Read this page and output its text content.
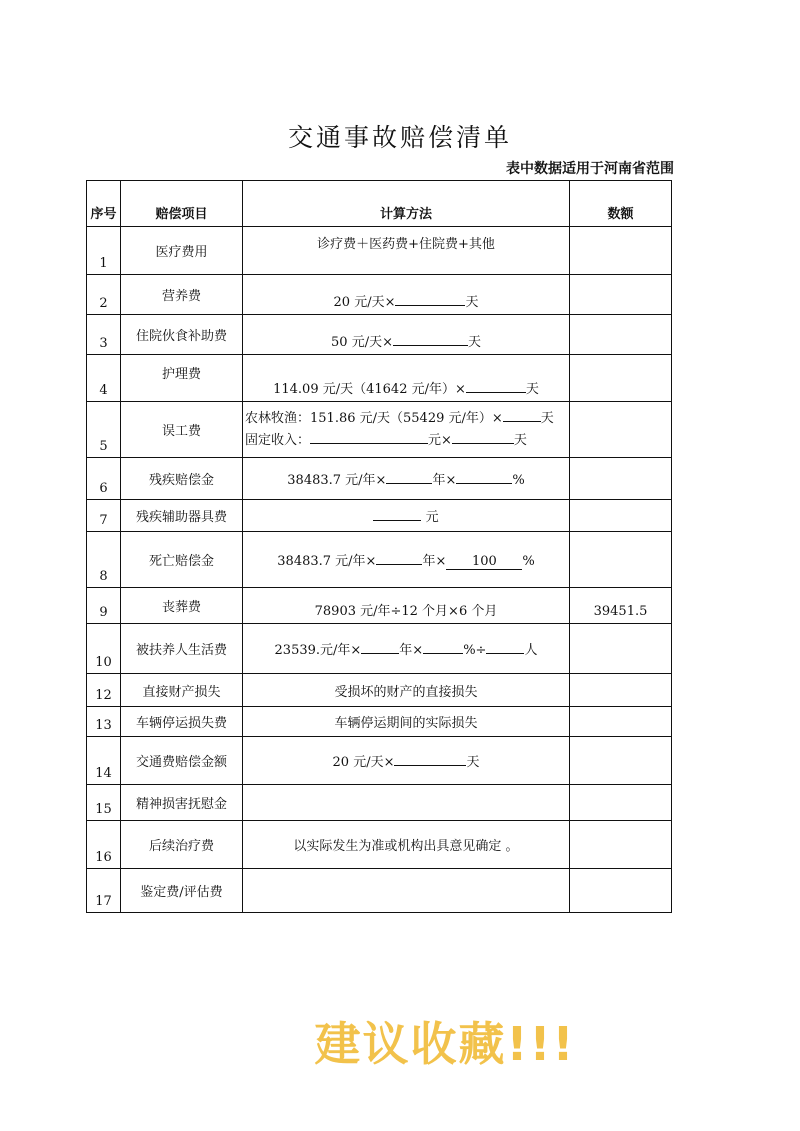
交通事故赔偿清单
表中数据适用于河南省范围
序号	赔偿项目	计算方法	数额
1	医疗费用	诊疗费＋医药费+住院费+其他	
2	营养费	20 元/天× 天	
3	住院伙食补助费	50 元/天× 天	
4	护理费	114.09 元/天（41642 元/年）× 天	
5	误工费	农林牧渔：151.86 元/天（55429 元/年）× 天
固定收入： 元× 天	

6	残疾赔偿金	38483.7 元/年× 年× %	
7	残疾辅助器具费	元	
8	死亡赔偿金	38483.7 元/年× 年× 100 %	
9	丧葬费	78903 元/年÷12 个月×6 个月	39451.5
10	被扶养人生活费	23539.元/年× 年× %÷ 人	
12	直接财产损失	受损坏的财产的直接损失	
13	车辆停运损失费	车辆停运期间的实际损失	
14	交通费赔偿金额	20 元/天× 天	
15	精神损害抚慰金		
16	后续治疗费	以实际发生为准或机构出具意见确定 。	
17	鉴定费/评估费		
建议收藏!!!
